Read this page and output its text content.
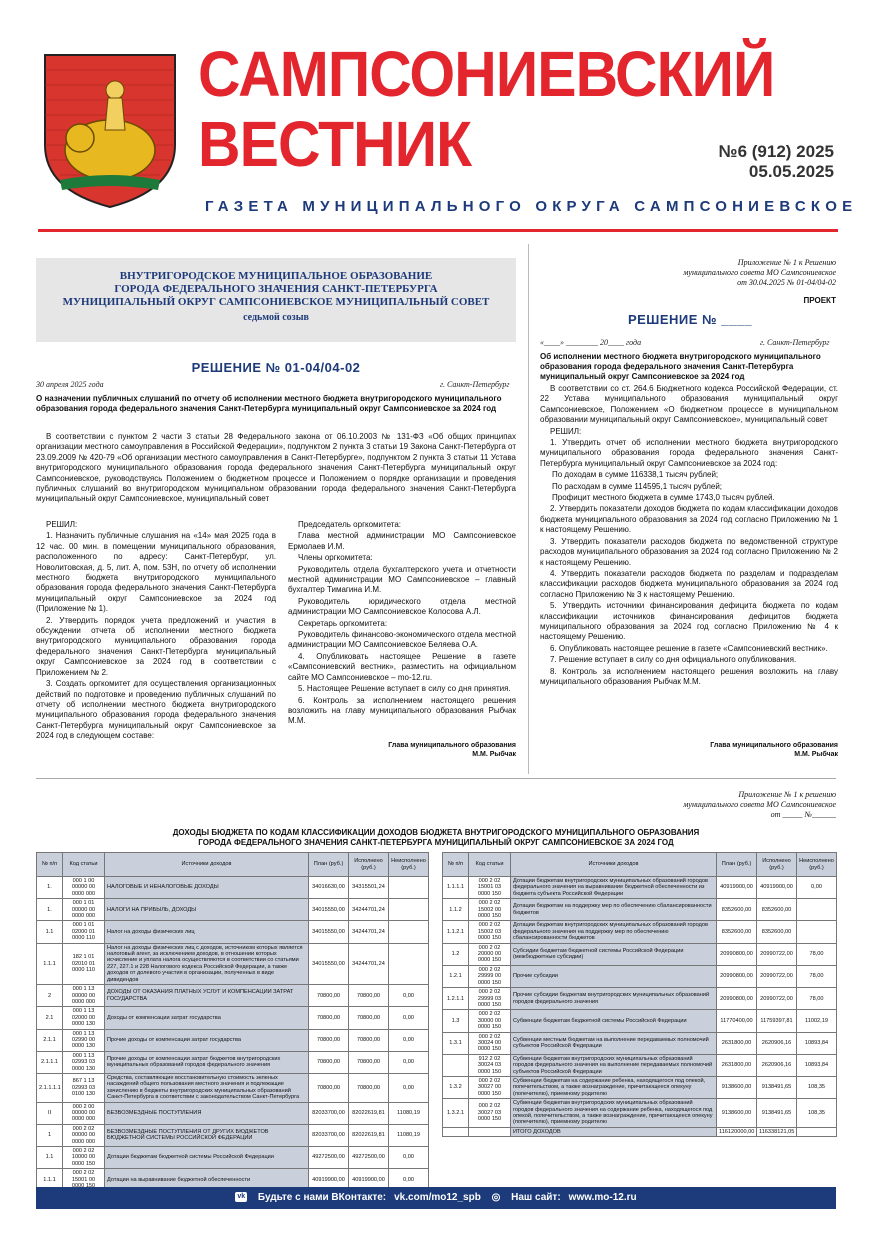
САМПСОНИЕВСКИЙ
ВЕСТНИК	№6 (912) 2025
05.05.2025
ГАЗЕТА МУНИЦИПАЛЬНОГО ОКРУГА САМПСОНИЕВСКОЕ
ВНУТРИГОРОДСКОЕ МУНИЦИПАЛЬНОЕ ОБРАЗОВАНИЕ
ГОРОДА ФЕДЕРАЛЬНОГО ЗНАЧЕНИЯ САНКТ-ПЕТЕРБУРГА
МУНИЦИПАЛЬНЫЙ ОКРУГ САМПСОНИЕВСКОЕ МУНИЦИПАЛЬНЫЙ СОВЕТ
седьмой созыв
РЕШЕНИЕ № 01-04/04-02
30 апреля 2025 года	г. Санкт-Петербург
О назначении публичных слушаний по отчету об исполнении местного бюджета внутригородского муниципального образования города федерального значения Санкт-Петербурга муниципальный округ Сампсониевское за 2024 год
В соответствии с пунктом 2 части 3 статьи 28 Федерального закона от 06.10.2003 № 131-ФЗ «Об общих принципах организации местного самоуправления в Российской Федерации», подпунктом 2 пункта 3 статьи 19 Закона Санкт-Петербурга от 23.09.2009 № 420-79 «Об организации местного самоуправления в Санкт-Петербурге», подпунктом 2 пункта 3 статьи 11 Устава внутригородского муниципального образования города федерального значения Санкт-Петербурга муниципальный округ Сампсониевское, руководствуясь Положением о бюджетном процессе и Положением о порядке организации и проведения публичных слушаний во внутригородском муниципальном образовании города федерального значения Санкт-Петербурга муниципальный округ Сампсониевское, муниципальный совет

РЕШИЛ:

1. Назначить публичные слушания на «14» мая 2025 года в 12 час. 00 мин. в помещении муниципального образования, расположенного по адресу: Санкт-Петербург, ул. Новолитовская, д. 5, лит. А, пом. 53Н, по отчету об исполнении местного бюджета внутригородского муниципального образования города федерального значения Санкт-Петербурга муниципальный округ Сампсониевское за 2024 год (Приложение № 1).

2. Утвердить порядок учета предложений и участия в обсуждении отчета об исполнении местного бюджета внутригородского муниципального образования города федерального значения Санкт-Петербурга муниципальный округ Сампсониевское за 2024 год в соответствии с Приложением № 2.

3. Создать оргкомитет для осуществления организационных действий по подготовке и проведению публичных слушаний по отчету об исполнении местного бюджета внутригородского муниципального образования города федерального значения Санкт-Петербурга муниципальный округ Сампсониевское за 2024 год в следующем составе:

Председатель оргкомитета:

Глава местной администрации МО Сампсониевское Ермолаев И.М.

Члены оргкомитета:

Руководитель отдела бухгалтерского учета и отчетности местной администрации МО Сампсониевское – главный бухгалтер Тимагина И.М.

Руководитель юридического отдела местной администрации МО Сампсониевское Колосова А.Л.

Секретарь оргкомитета:

Руководитель финансово-экономического отдела местной администрации МО Сампсониевское Беляева О.А.

4. Опубликовать настоящее Решение в газете «Сампсониевский вестник», разместить на официальном сайте МО Сампсониевское – mo-12.ru.

5. Настоящее Решение вступает в силу со дня принятия.

6. Контроль за исполнением настоящего решения возложить на главу муниципального образования Рыбчак М.М.

Глава муниципального образования
М.М. Рыбчак
Приложение № 1 к Решению
муниципального совета МО Сампсониевское
от 30.04.2025 № 01-04/04-02
ПРОЕКТ
РЕШЕНИЕ № ____
«____» ________ 20____ года	г. Санкт-Петербург
Об исполнении местного бюджета внутригородского муниципального образования города федерального значения Санкт-Петербурга муниципальный округ Сампсониевское за 2024 год

В соответствии со ст. 264.6 Бюджетного кодекса Российской Федерации, ст. 22 Устава муниципального образования муниципальный округ Сампсониевское, Положением «О бюджетном процессе в муниципальном образовании муниципальный округ Сампсониевское», муниципальный совет

РЕШИЛ:

1. Утвердить отчет об исполнении местного бюджета внутригородского муниципального образования города федерального значения Санкт-Петербурга муниципальный округ Сампсониевское за 2024 год:

По доходам в сумме 116338,1 тысяч рублей;

По расходам в сумме 114595,1 тысяч рублей;

Профицит местного бюджета в сумме 1743,0 тысяч рублей.

2. Утвердить показатели доходов бюджета по кодам классификации доходов бюджета муниципального образования за 2024 год согласно Приложению № 1 к настоящему Решению.

3. Утвердить показатели расходов бюджета по ведомственной структуре расходов муниципального образования за 2024 год согласно Приложению № 2 к настоящему Решению.

4. Утвердить показатели расходов бюджета по разделам и подразделам классификации расходов бюджета муниципального образования за 2024 год согласно Приложению № 3 к настоящему Решению.

5. Утвердить источники финансирования дефицита бюджета по кодам классификации источников финансирования дефицитов бюджета муниципального образования за 2024 год согласно Приложению № 4 к настоящему Решению.

6. Опубликовать настоящее решение в газете «Сампсониевский вестник».

7. Решение вступает в силу со дня официального опубликования.

8. Контроль за исполнением настоящего решения возложить на главу муниципального образования Рыбчак М.М.

Глава муниципального образования
М.М. Рыбчак
Приложение № 1 к решению
муниципального совета МО Сампсониевское
от _____ №______
ДОХОДЫ БЮДЖЕТА ПО КОДАМ КЛАССИФИКАЦИИ ДОХОДОВ БЮДЖЕТА ВНУТРИГОРОДСКОГО МУНИЦИПАЛЬНОГО ОБРАЗОВАНИЯ
ГОРОДА ФЕДЕРАЛЬНОГО ЗНАЧЕНИЯ САНКТ-ПЕТЕРБУРГА МУНИЦИПАЛЬНЫЙ ОКРУГ САМПСОНИЕВСКОЕ ЗА 2024 ГОД
№ п/п	Код статьи	Источники доходов	План (руб.)	Исполнено (руб.)	Неисполнено (руб.)
1.	000 1 00 00000 00 0000 000	НАЛОГОВЫЕ И НЕНАЛОГОВЫЕ ДОХОДЫ	34016630,00	34315501,24	
1.	000 1 01 00000 00 0000 000	НАЛОГИ НА ПРИБЫЛЬ, ДОХОДЫ	34015550,00	34244701,24	
1.1	000 1 01 02000 01 0000 110	Налог на доходы физических лиц	34015550,00	34244701,24	
1.1.1	182 1 01 02010 01 0000 110	Налог на доходы физических лиц с доходов, источником которых является налоговый агент, за исключением доходов, в отношении которых исчисление и уплата налога осуществляются в соответствии со статьями 227, 227.1 и 228 Налогового кодекса Российской Федерации, а также доходов от долевого участия в организации, полученных в виде дивидендов	34015550,00	34244701,24	
2	000 1 13 00000 00 0000 000	ДОХОДЫ ОТ ОКАЗАНИЯ ПЛАТНЫХ УСЛУГ И КОМПЕНСАЦИИ ЗАТРАТ ГОСУДАРСТВА	70800,00	70800,00	0,00
2.1	000 1 13 02000 00 0000 130	Доходы от компенсации затрат государства	70800,00	70800,00	0,00
2.1.1	000 1 13 02990 00 0000 130	Прочие доходы от компенсации затрат государства	70800,00	70800,00	0,00
2.1.1.1	000 1 13 02993 03 0000 130	Прочие доходы от компенсации затрат бюджетов внутригородских муниципальных образований городов федерального значения	70800,00	70800,00	0,00
2.1.1.1.1	867 1 13 02993 03 0100 130	Средства, составляющие восстановительную стоимость зеленых насаждений общего пользования местного значения и подлежащие зачислению в бюджеты внутригородских муниципальных образований Санкт-Петербурга в соответствии с законодательством Санкт-Петербурга	70800,00	70800,00	0,00
II	000 2 00 00000 00 0000 000	БЕЗВОЗМЕЗДНЫЕ ПОСТУПЛЕНИЯ	82033700,00	82022619,81	11080,19
1	000 2 02 00000 00 0000 000	БЕЗВОЗМЕЗДНЫЕ ПОСТУПЛЕНИЯ ОТ ДРУГИХ БЮДЖЕТОВ БЮДЖЕТНОЙ СИСТЕМЫ РОССИЙСКОЙ ФЕДЕРАЦИИ	82033700,00	82022619,81	11080,19
1.1	000 2 02 10000 00 0000 150	Дотации бюджетам бюджетной системы Российской Федерации	49272500,00	49272500,00	0,00
1.1.1	000 2 02 15001 00	Дотации на выравнивание бюджетной обеспеченности	40919900,00	40919900,00	0,00
№ п/п	Код статьи	Источники доходов	План (руб.)	Исполнено (руб.)	Неисполнено (руб.)
1.1.1.1	000 2 02 15001 03 0000 150	Дотации бюджетам внутригородских муниципальных образований городов федерального значения на выравнивание бюджетной обеспеченности из бюджета субъекта Российской Федерации	40919900,00	40919900,00	0,00
1.1.2	000 2 02 15002 00 0000 150	Дотации бюджетам на поддержку мер по обеспечению сбалансированности бюджетов	8352600,00	8352600,00	
1.1.2.1	000 2 02 15002 03 0000 150	Дотации бюджетам внутригородских муниципальных образований городов федерального значения на поддержку мер по обеспечению сбалансированности бюджетов	8352600,00	8352600,00	
1.2	000 2 02 20000 00 0000 150	Субсидии бюджетам бюджетной системы Российской Федерации (межбюджетные субсидии)	20990800,00	20990722,00	78,00
1.2.1	000 2 02 29999 00 0000 150	Прочие субсидии	20990800,00	20990722,00	78,00
1.2.1.1	000 2 02 29999 03 0000 150	Прочие субсидии бюджетам внутригородских муниципальных образований городов федерального значения	20990800,00	20990722,00	78,00
1.3	000 2 02 30000 00 0000 150	Субвенции бюджетам бюджетной системы Российской Федерации	11770400,00	11759397,81	11002,19
1.3.1	000 2 02 30024 00 0000 150	Субвенции местным бюджетам на выполнение передаваемых полномочий субъектов Российской Федерации	2631800,00	2620906,16	10893,84
	912 2 02 30024 03 0000 150	Субвенции бюджетам внутригородских муниципальных образований городов федерального значения на выполнение передаваемых полномочий субъектов Российской Федерации	2631800,00	2620906,16	10893,84
1.3.2	000 2 02 30027 00 0000 150	Субвенции бюджетам на содержание ребенка, находящегося под опекой, попечительством, а также вознаграждение, причитающееся опекуну (попечителю), приемному родителю	9138600,00	9138491,65	108,35
1.3.2.1	000 2 02 30027 03 0000 150	Субвенции бюджетам внутригородских муниципальных образований городов федерального значения на содержание ребенка, находящегося под опекой, попечительством, а также вознаграждение, причитающееся опекуну (попечителю), приемному родителю	9138600,00	9138491,65	108,35
		ИТОГО ДОХОДОВ	116120000,00	116338121,05	
vk Будьте с нами ВКонтакте: vk.com/mo12_spb ◎ Наш сайт: www.mo-12.ru
